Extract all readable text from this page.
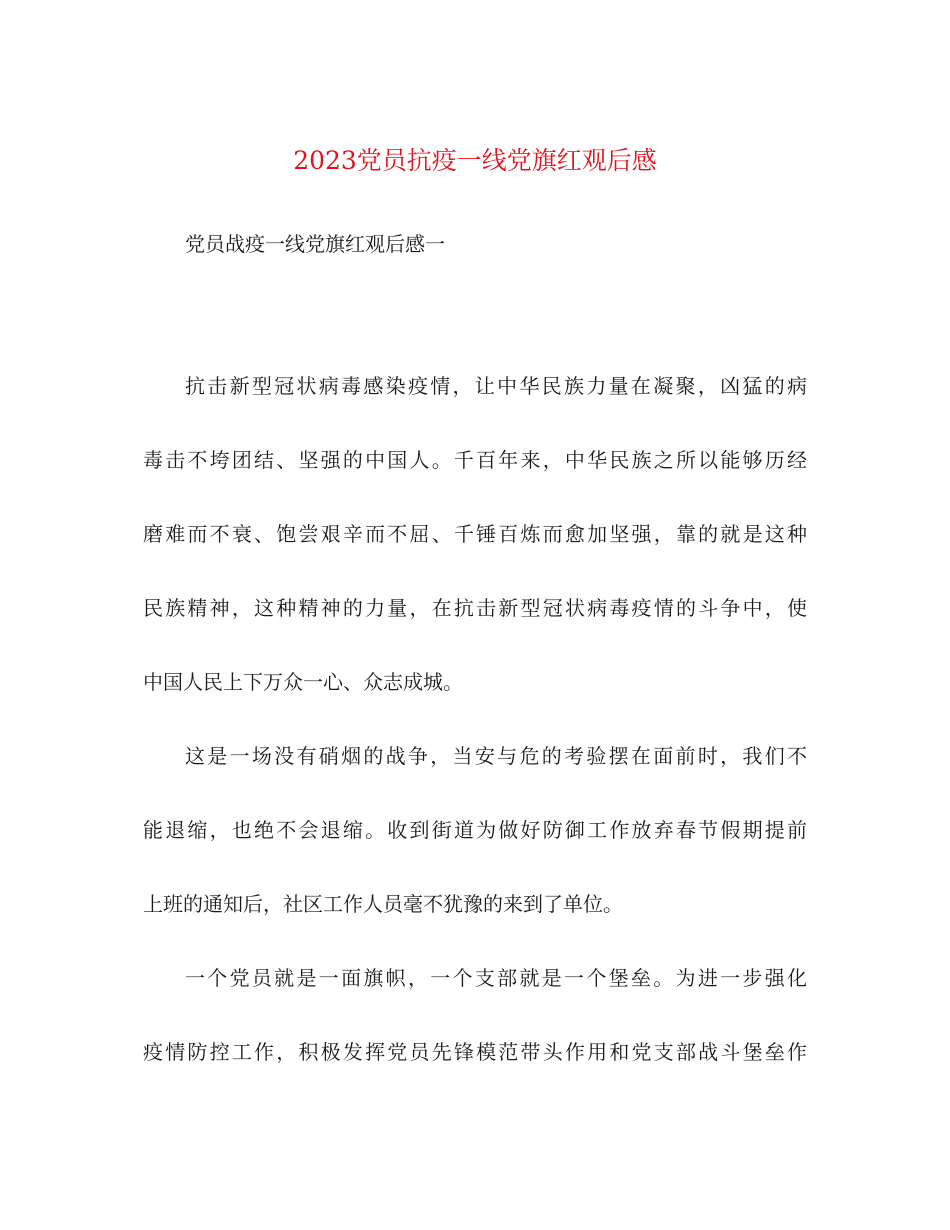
2023党员抗疫一线党旗红观后感

党员战疫一线党旗红观后感一

抗击新型冠状病毒感染疫情，让中华民族力量在凝聚，凶猛的病
毒击不垮团结、坚强的中国人。千百年来，中华民族之所以能够历经
磨难而不衰、饱尝艰辛而不屈、千锤百炼而愈加坚强，靠的就是这种
民族精神，这种精神的力量，在抗击新型冠状病毒疫情的斗争中，使
中国人民上下万众一心、众志成城。
这是一场没有硝烟的战争，当安与危的考验摆在面前时，我们不
能退缩，也绝不会退缩。收到街道为做好防御工作放弃春节假期提前
上班的通知后，社区工作人员毫不犹豫的来到了单位。
一个党员就是一面旗帜，一个支部就是一个堡垒。为进一步强化
疫情防控工作，积极发挥党员先锋模范带头作用和党支部战斗堡垒作
